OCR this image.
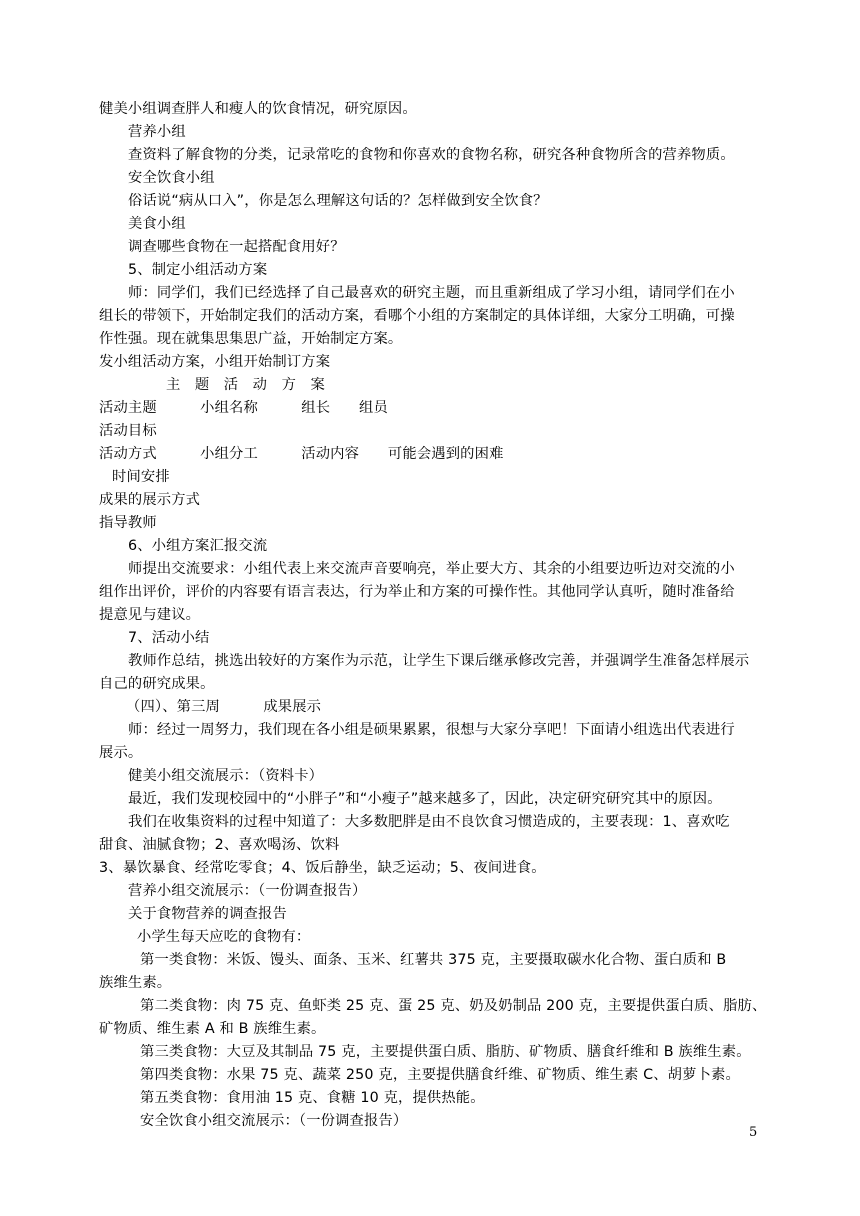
健美小组调查胖人和瘦人的饮食情况，研究原因。
营养小组
查资料了解食物的分类，记录常吃的食物和你喜欢的食物名称，研究各种食物所含的营养物质。
安全饮食小组
俗话说“病从口入”，你是怎么理解这句话的？怎样做到安全饮食？
美食小组
调查哪些食物在一起搭配食用好？
5、制定小组活动方案
师：同学们，我们已经选择了自己最喜欢的研究主题，而且重新组成了学习小组，请同学们在小
组长的带领下，开始制定我们的活动方案，看哪个小组的方案制定的具体详细，大家分工明确，可操
作性强。现在就集思集思广益，开始制定方案。
发小组活动方案，小组开始制订方案
主　题　活　动　方　案
活动主题　　　小组名称　　　组长　　组员
活动目标
活动方式　　　小组分工　　　活动内容　　可能会遇到的困难
时间安排
成果的展示方式
指导教师
6、小组方案汇报交流
师提出交流要求：小组代表上来交流声音要响亮，举止要大方、其余的小组要边听边对交流的小
组作出评价，评价的内容要有语言表达，行为举止和方案的可操作性。其他同学认真听，随时准备给
提意见与建议。
7、活动小结
教师作总结，挑选出较好的方案作为示范，让学生下课后继承修改完善，并强调学生准备怎样展示
自己的研究成果。
（四）、第三周　　　成果展示
师：经过一周努力，我们现在各小组是硕果累累，很想与大家分享吧！下面请小组选出代表进行
展示。
健美小组交流展示：（资料卡）
最近，我们发现校园中的“小胖子”和“小瘦子”越来越多了，因此，决定研究研究其中的原因。
我们在收集资料的过程中知道了：大多数肥胖是由不良饮食习惯造成的，主要表现：1、喜欢吃
甜食、油腻食物；2、喜欢喝汤、饮料
3、暴饮暴食、经常吃零食；4、饭后静坐，缺乏运动；5、夜间进食。
营养小组交流展示：（一份调查报告）
关于食物营养的调查报告
小学生每天应吃的食物有：
第一类食物：米饭、馒头、面条、玉米、红薯共 375 克，主要摄取碳水化合物、蛋白质和 B
族维生素。
第二类食物：肉 75 克、鱼虾类 25 克、蛋 25 克、奶及奶制品 200 克，主要提供蛋白质、脂肪、
矿物质、维生素 A 和 B 族维生素。
第三类食物：大豆及其制品 75 克，主要提供蛋白质、脂肪、矿物质、膳食纤维和 B 族维生素。
第四类食物：水果 75 克、蔬菜 250 克，主要提供膳食纤维、矿物质、维生素 C、胡萝卜素。
第五类食物：食用油 15 克、食糖 10 克，提供热能。
安全饮食小组交流展示：（一份调查报告）
5
